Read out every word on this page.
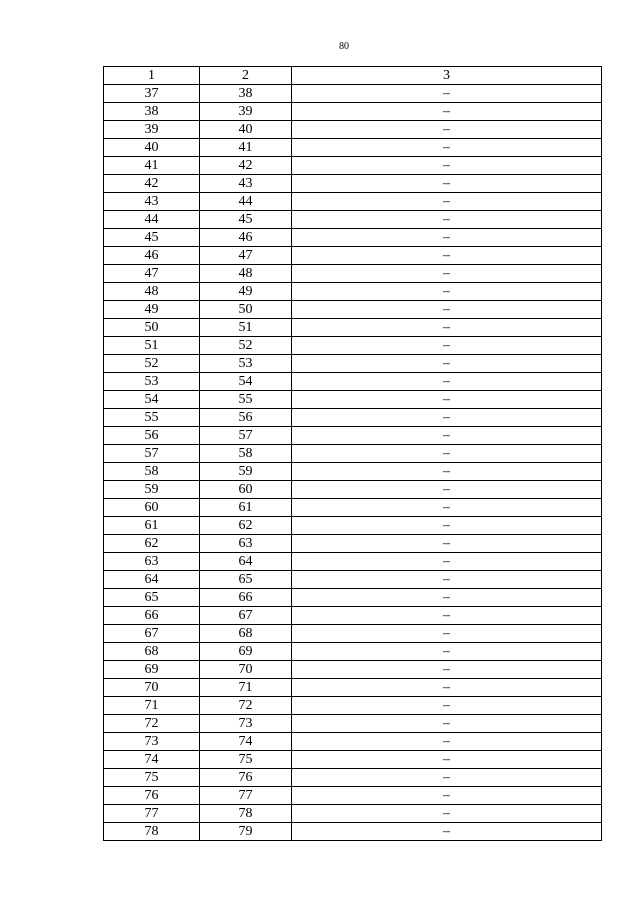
80
1	2	3
37	38	–
38	39	–
39	40	–
40	41	–
41	42	–
42	43	–
43	44	–
44	45	–
45	46	–
46	47	–
47	48	–
48	49	–
49	50	–
50	51	–
51	52	–
52	53	–
53	54	–
54	55	–
55	56	–
56	57	–
57	58	–
58	59	–
59	60	–
60	61	–
61	62	–
62	63	–
63	64	–
64	65	–
65	66	–
66	67	–
67	68	–
68	69	–
69	70	–
70	71	–
71	72	–
72	73	–
73	74	–
74	75	–
75	76	–
76	77	–
77	78	–
78	79	–
